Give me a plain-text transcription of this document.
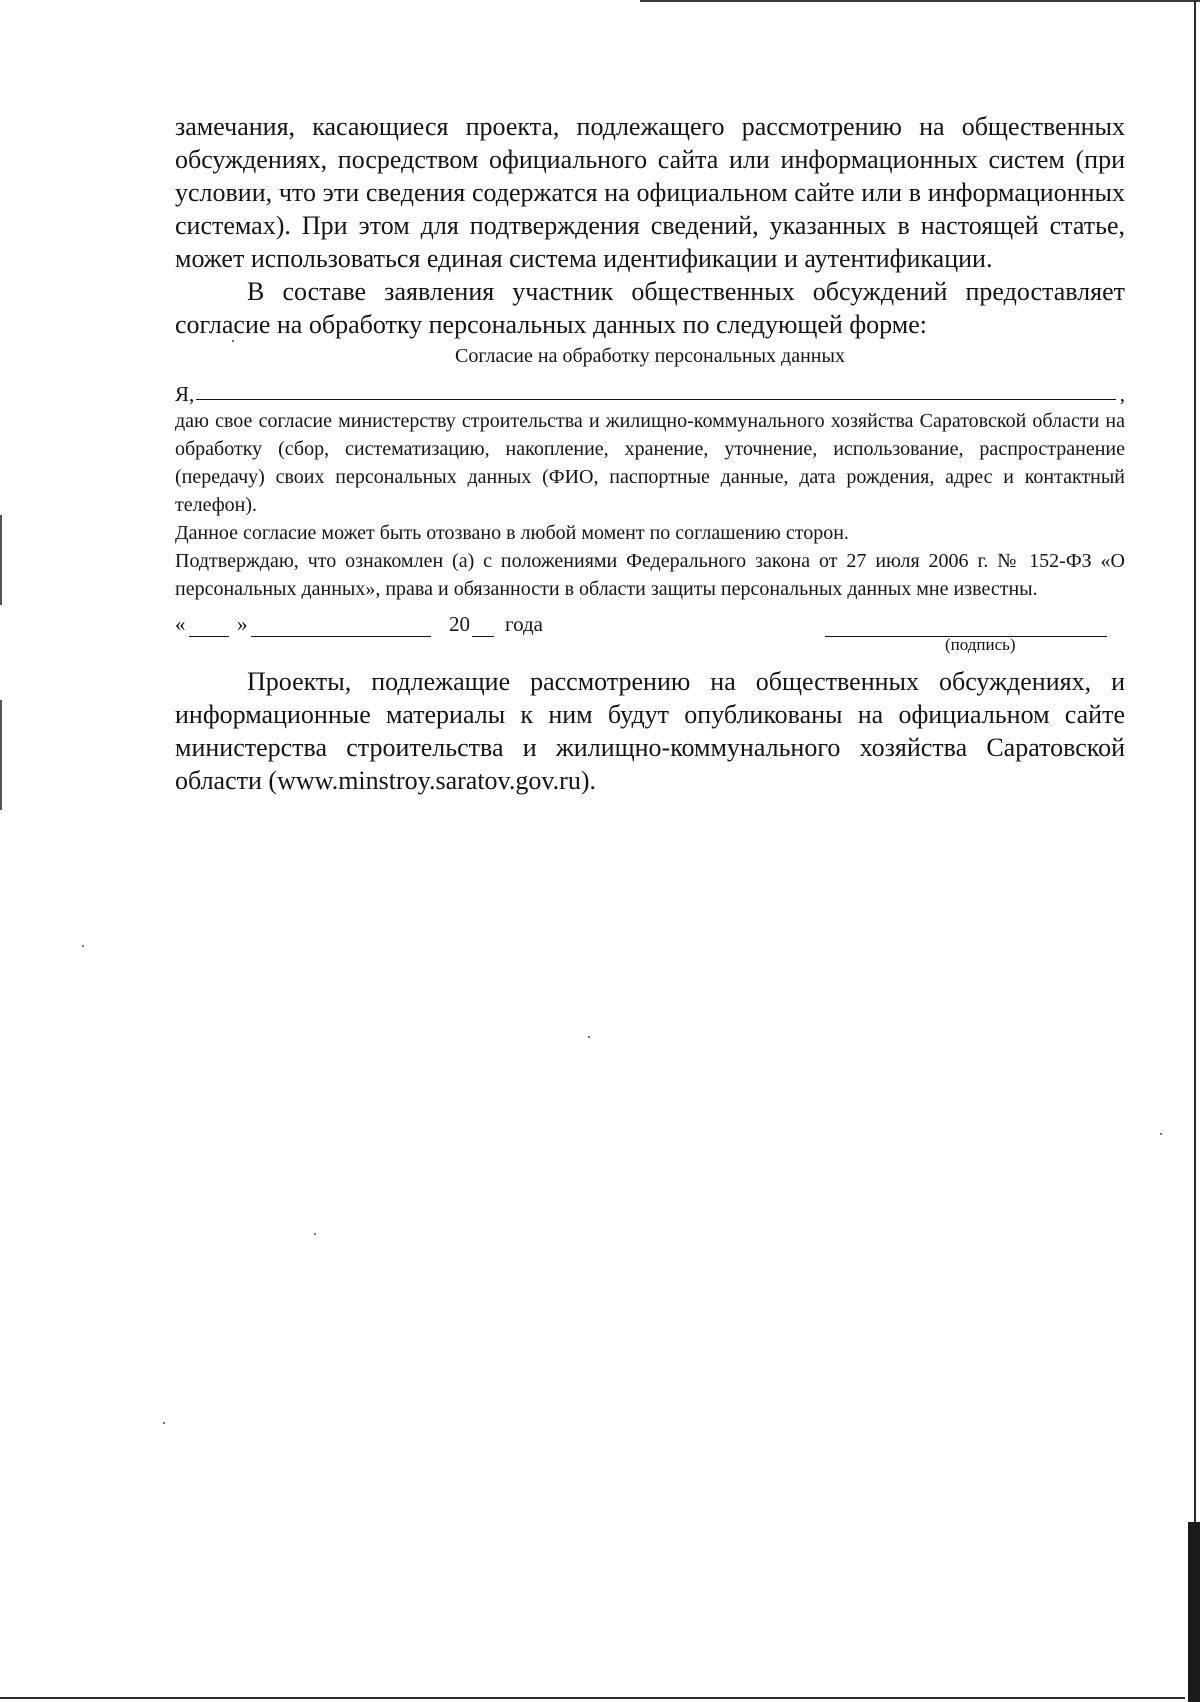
замечания, касающиеся проекта, подлежащего рассмотрению на общественных обсуждениях, посредством официального сайта или информационных систем (при условии, что эти сведения содержатся на официальном сайте или в информационных системах). При этом для подтверждения сведений, указанных в настоящей статье, может использоваться единая система идентификации и аутентификации.

В составе заявления участник общественных обсуждений предоставляет согласие на обработку персональных данных по следующей форме:

Согласие на обработку персональных данных

Я,	,

даю свое согласие министерству строительства и жилищно-коммунального хозяйства Саратовской области на обработку (сбор, систематизацию, накопление, хранение, уточнение, использование, распространение (передачу) своих персональных данных (ФИО, паспортные данные, дата рождения, адрес и контактный телефон).

Данное согласие может быть отозвано в любой момент по соглашению сторон.

Подтверждаю, что ознакомлен (а) с положениями Федерального закона от 27 июля 2006 г. № 152-ФЗ «О персональных данных», права и обязанности в области защиты персональных данных мне известны.

« »	20 года
(подпись)

Проекты, подлежащие рассмотрению на общественных обсуждениях, и информационные материалы к ним будут опубликованы на официальном сайте министерства строительства и жилищно-коммунального хозяйства Саратовской области (www.minstroy.saratov.gov.ru).
